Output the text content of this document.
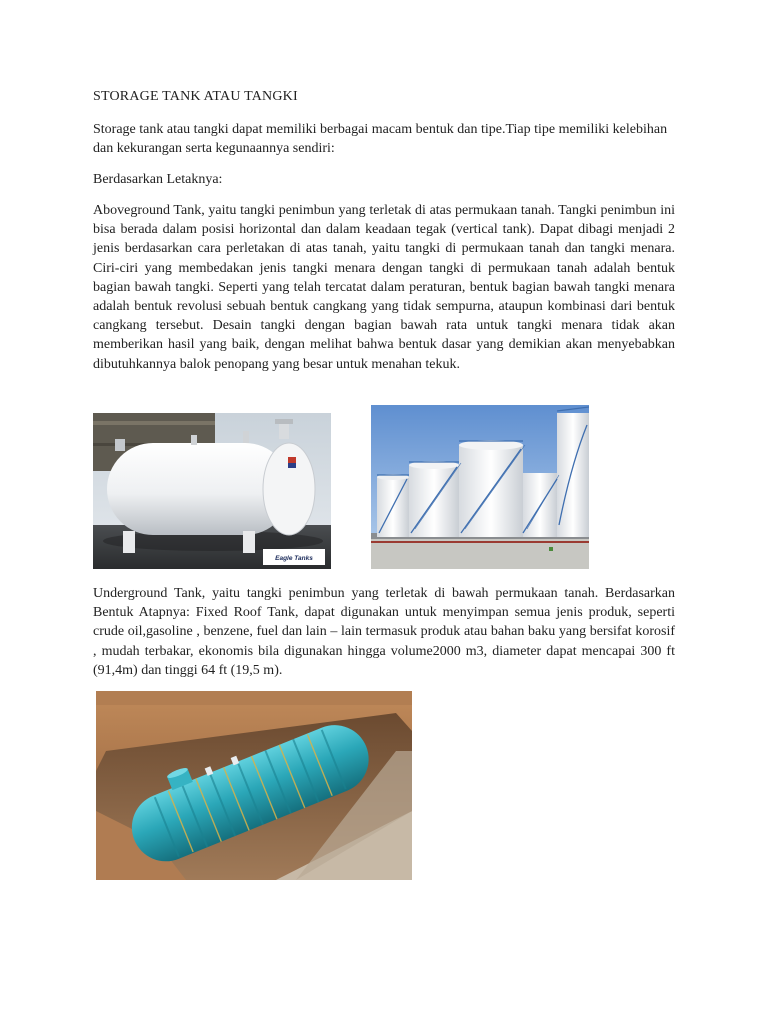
STORAGE TANK ATAU TANGKI

Storage tank atau tangki dapat memiliki berbagai macam bentuk dan tipe.Tiap tipe memiliki kelebihan dan kekurangan serta kegunaannya sendiri:

Berdasarkan Letaknya:

Aboveground Tank, yaitu tangki penimbun yang terletak di atas permukaan tanah. Tangki penimbun ini bisa berada dalam posisi horizontal dan dalam keadaan tegak (vertical tank). Dapat dibagi menjadi 2 jenis berdasarkan cara perletakan di atas tanah, yaitu tangki di permukaan tanah dan tangki menara. Ciri-ciri yang membedakan jenis tangki menara dengan tangki di permukaan tanah adalah bentuk bagian bawah tangki. Seperti yang telah tercatat dalam peraturan, bentuk bagian bawah tangki menara adalah bentuk revolusi sebuah bentuk cangkang yang tidak sempurna, ataupun kombinasi dari bentuk cangkang tersebut. Desain tangki dengan bagian bawah rata untuk tangki menara tidak akan memberikan hasil yang baik, dengan melihat bahwa bentuk dasar yang demikian akan menyebabkan dibutuhkannya balok penopang yang besar untuk menahan tekuk.

Eagle Tanks

Underground Tank, yaitu tangki penimbun yang terletak di bawah permukaan tanah. Berdasarkan Bentuk Atapnya: Fixed Roof Tank, dapat digunakan untuk menyimpan semua jenis produk, seperti crude oil,gasoline , benzene, fuel dan lain – lain termasuk produk atau bahan baku yang bersifat korosif , mudah terbakar, ekonomis bila digunakan hingga volume2000 m3, diameter dapat mencapai 300 ft (91,4m) dan tinggi 64 ft (19,5 m).
